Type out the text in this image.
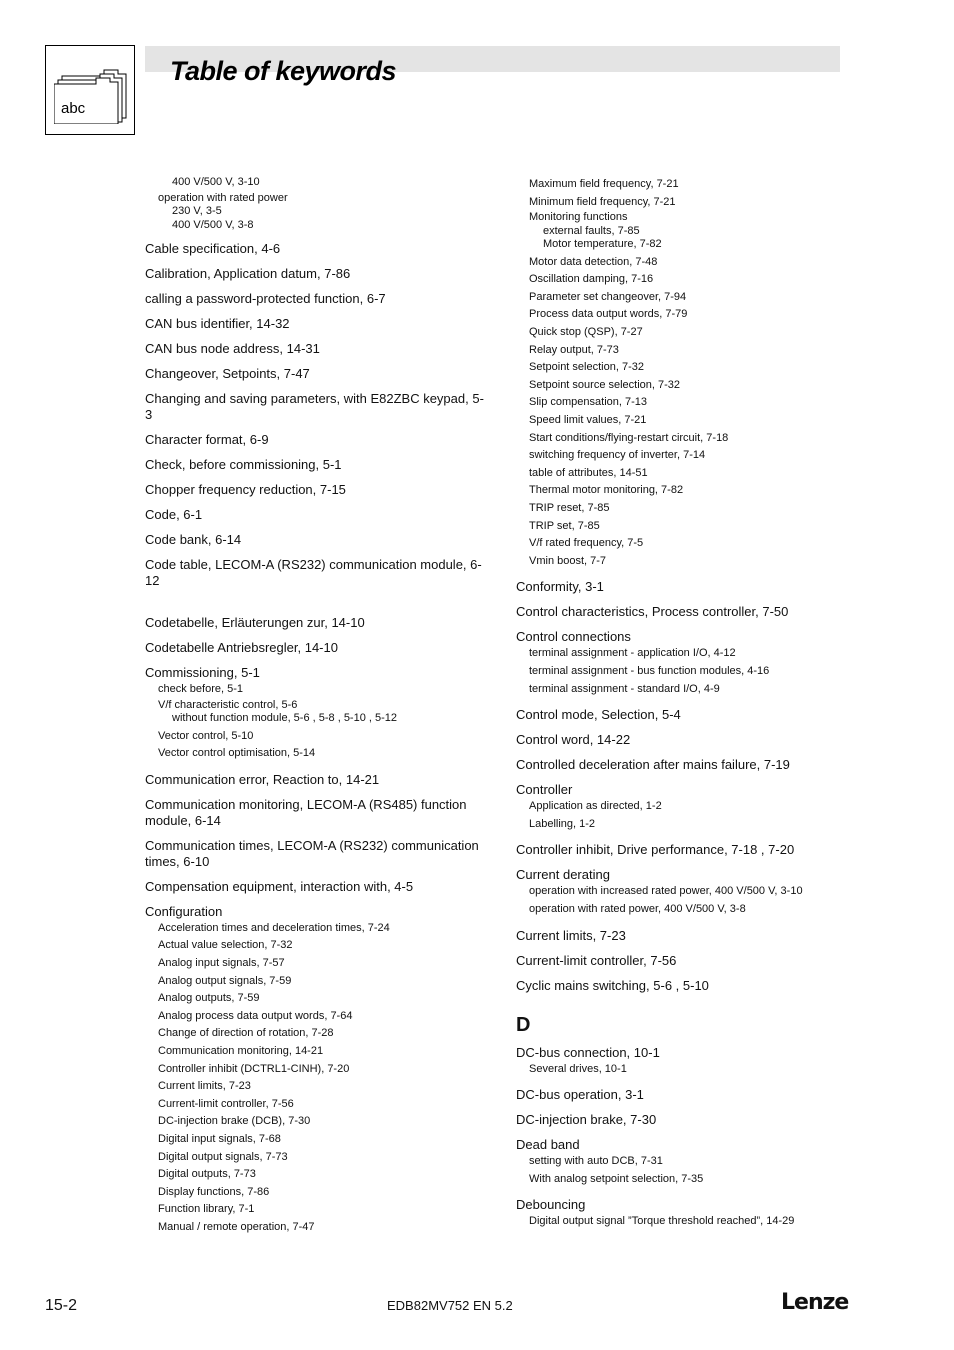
Table of keywords
abc
400 V/500 V, 3-10
operation with rated power
230 V, 3-5
400 V/500 V, 3-8
Cable specification, 4-6
Calibration, Application datum, 7-86
calling a password-protected function, 6-7
CAN bus identifier, 14-32
CAN bus node address, 14-31
Changeover, Setpoints, 7-47
Changing and saving parameters, with E82ZBC keypad, 5-3
Character format, 6-9
Check, before commissioning, 5-1
Chopper frequency reduction, 7-15
Code, 6-1
Code bank, 6-14
Code table, LECOM-A (RS232) communication module, 6-12
Codetabelle, Erläuterungen zur, 14-10
Codetabelle Antriebsregler, 14-10
Commissioning, 5-1
check before, 5-1
V/f characteristic control, 5-6
without function module, 5-6 , 5-8 , 5-10 , 5-12
Vector control, 5-10
Vector control optimisation, 5-14
Communication error, Reaction to, 14-21
Communication monitoring, LECOM-A (RS485) function module, 6-14
Communication times, LECOM-A (RS232) communication times, 6-10
Compensation equipment, interaction with, 4-5
Configuration
Acceleration times and deceleration times, 7-24
Actual value selection, 7-32
Analog input signals, 7-57
Analog output signals, 7-59
Analog outputs, 7-59
Analog process data output words, 7-64
Change of direction of rotation, 7-28
Communication monitoring, 14-21
Controller inhibit (DCTRL1-CINH), 7-20
Current limits, 7-23
Current-limit controller, 7-56
DC-injection brake (DCB), 7-30
Digital input signals, 7-68
Digital output signals, 7-73
Digital outputs, 7-73
Display functions, 7-86
Function library, 7-1
Manual / remote operation, 7-47
Maximum field frequency, 7-21
Minimum field frequency, 7-21
Monitoring functions
external faults, 7-85
Motor temperature, 7-82
Motor data detection, 7-48
Oscillation damping, 7-16
Parameter set changeover, 7-94
Process data output words, 7-79
Quick stop (QSP), 7-27
Relay output, 7-73
Setpoint selection, 7-32
Setpoint source selection, 7-32
Slip compensation, 7-13
Speed limit values, 7-21
Start conditions/flying-restart circuit, 7-18
switching frequency of inverter, 7-14
table of attributes, 14-51
Thermal motor monitoring, 7-82
TRIP reset, 7-85
TRIP set, 7-85
V/f rated frequency, 7-5
Vmin boost, 7-7
Conformity, 3-1
Control characteristics, Process controller, 7-50
Control connections
terminal assignment - application I/O, 4-12
terminal assignment - bus function modules, 4-16
terminal assignment - standard I/O, 4-9
Control mode, Selection, 5-4
Control word, 14-22
Controlled deceleration after mains failure, 7-19
Controller
Application as directed, 1-2
Labelling, 1-2
Controller inhibit, Drive performance, 7-18 , 7-20
Current derating
operation with increased rated power, 400 V/500 V, 3-10
operation with rated power, 400 V/500 V, 3-8
Current limits, 7-23
Current-limit controller, 7-56
Cyclic mains switching, 5-6 , 5-10
D
DC-bus connection, 10-1
Several drives, 10-1
DC-bus operation, 3-1
DC-injection brake, 7-30
Dead band
setting with auto DCB, 7-31
With analog setpoint selection, 7-35
Debouncing
Digital output signal ”Torque threshold reached”, 14-29
15-2	EDB82MV752 EN 5.2	Lenze
